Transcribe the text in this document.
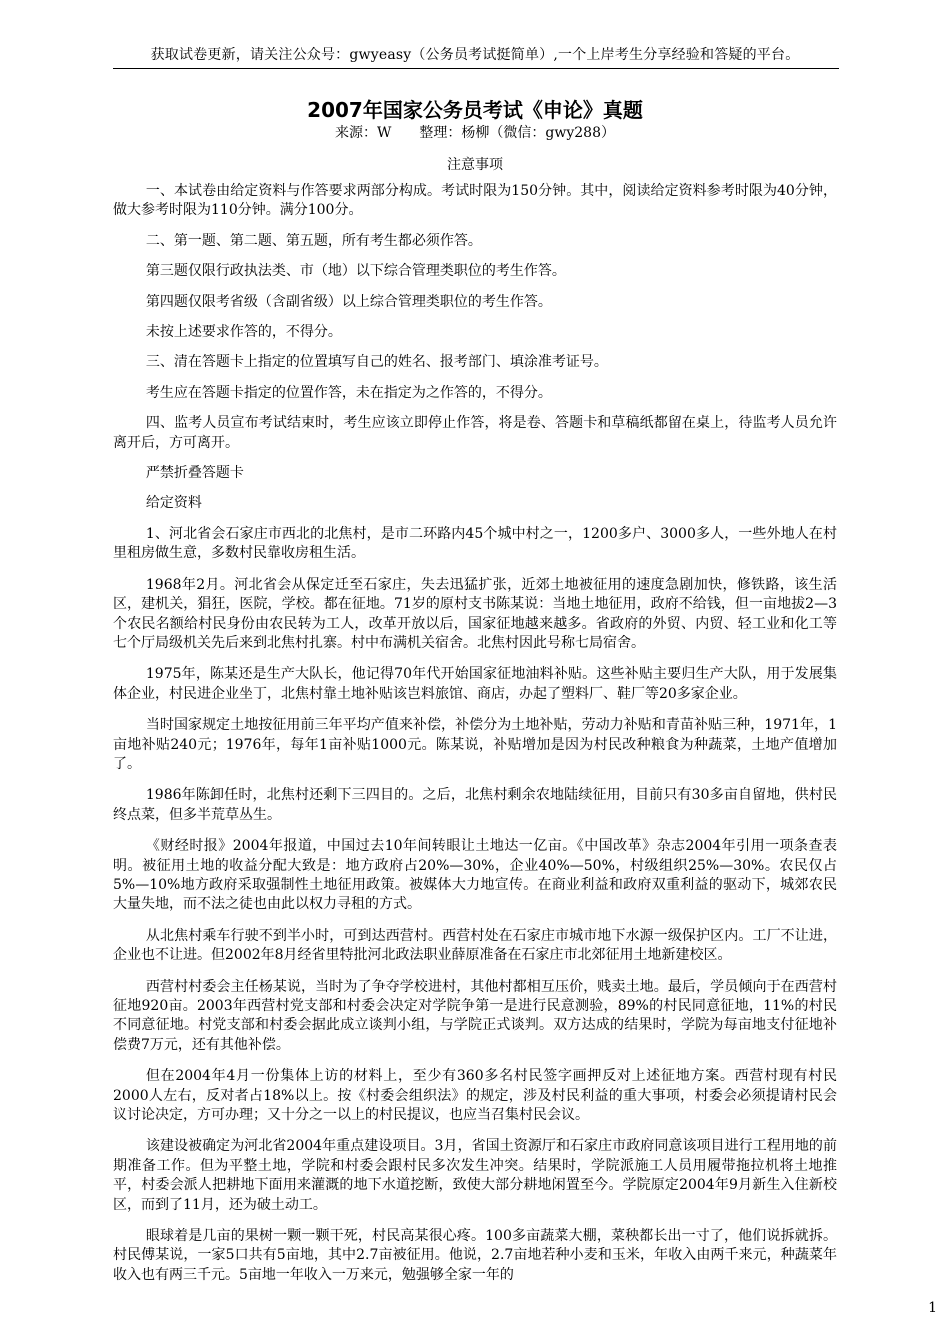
获取试卷更新，请关注公众号：gwyeasy（公务员考试挺简单）,一个上岸考生分享经验和答疑的平台。
2007年国家公务员考试《申论》真题
来源：W　　整理：杨柳（微信：gwy288）
注意事项

一、本试卷由给定资料与作答要求两部分构成。考试时限为150分钟。其中，阅读给定资料参考时限为40分钟，做大参考时限为110分钟。满分100分。

二、第一题、第二题、第五题，所有考生都必须作答。

第三题仅限行政执法类、市（地）以下综合管理类职位的考生作答。

第四题仅限考省级（含副省级）以上综合管理类职位的考生作答。

未按上述要求作答的，不得分。

三、清在答题卡上指定的位置填写自己的姓名、报考部门、填涂准考证号。

考生应在答题卡指定的位置作答，未在指定为之作答的，不得分。

四、监考人员宣布考试结束时，考生应该立即停止作答，将是卷、答题卡和草稿纸都留在桌上，待监考人员允许离开后，方可离开。

严禁折叠答题卡

给定资料

1、河北省会石家庄市西北的北焦村，是市二环路内45个城中村之一，1200多户、3000多人，一些外地人在村里租房做生意，多数村民靠收房租生活。

1968年2月。河北省会从保定迁至石家庄，失去迅猛扩张，近郊土地被征用的速度急剧加快，修铁路，该生活区，建机关，猖狂，医院，学校。都在征地。71岁的原村支书陈某说：当地土地征用，政府不给钱，但一亩地拔2—3个农民名额给村民身份由农民转为工人，改革开放以后，国家征地越来越多。省政府的外贸、内贸、轻工业和化工等七个厅局级机关先后来到北焦村扎寨。村中布满机关宿舍。北焦村因此号称七局宿舍。

1975年，陈某还是生产大队长，他记得70年代开始国家征地油料补贴。这些补贴主要归生产大队，用于发展集体企业，村民进企业坐丁，北焦村靠土地补贴该岂料旅馆、商店，办起了塑料厂、鞋厂等20多家企业。

当时国家规定土地按征用前三年平均产值来补偿，补偿分为土地补贴，劳动力补贴和青苗补贴三种，1971年，1亩地补贴240元；1976年，每年1亩补贴1000元。陈某说，补贴增加是因为村民改种粮食为种蔬菜，土地产值增加了。

1986年陈卸任时，北焦村还剩下三四目的。之后，北焦村剩余农地陆续征用，目前只有30多亩自留地，供村民终点菜，但多半荒草丛生。

《财经时报》2004年报道，中国过去10年间转眼让土地达一亿亩。《中国改革》杂志2004年引用一项条查表明。被征用土地的收益分配大致是：地方政府占20%—30%，企业40%—50%，村级组织25%—30%。农民仅占5%—10%地方政府采取强制性土地征用政策。被媒体大力地宣传。在商业利益和政府双重利益的驱动下，城郊农民大量失地，而不法之徒也由此以权力寻租的方式。

从北焦村乘车行驶不到半小时，可到达西营村。西营村处在石家庄市城市地下水源一级保护区内。工厂不让进，企业也不让进。但2002年8月经省里特批河北政法职业薛原准备在石家庄市北郊征用土地新建校区。

西营村村委会主任杨某说，当时为了争夺学校进村，其他村都相互压价，贱卖土地。最后，学员倾向于在西营村征地920亩。2003年西营村党支部和村委会决定对学院争第一是进行民意测验，89%的村民同意征地，11%的村民不同意征地。村党支部和村委会据此成立谈判小组，与学院正式谈判。双方达成的结果时，学院为每亩地支付征地补偿费7万元，还有其他补偿。

但在2004年4月一份集体上访的材料上，至少有360多名村民签字画押反对上述征地方案。西营村现有村民2000人左右，反对者占18%以上。按《村委会组织法》的规定，涉及村民利益的重大事项，村委会必须提请村民会议讨论决定，方可办理；又十分之一以上的村民提议，也应当召集村民会议。

该建设被确定为河北省2004年重点建设项目。3月，省国土资源厅和石家庄市政府同意该项目进行工程用地的前期准备工作。但为平整土地，学院和村委会跟村民多次发生冲突。结果时，学院派施工人员用履带拖拉机将土地推平，村委会派人把耕地下面用来灌溉的地下水道挖断，致使大部分耕地闲置至今。学院原定2004年9月新生入住新校区，而到了11月，还为破土动工。

眼球着是几亩的果树一颗一颗干死，村民高某很心疼。100多亩蔬菜大棚，菜秧都长出一寸了，他们说拆就拆。村民傅某说，一家5口共有5亩地，其中2.7亩被征用。他说，2.7亩地若种小麦和玉米，年收入由两千来元，种蔬菜年收入也有两三千元。5亩地一年收入一万来元，勉强够全家一年的

1
